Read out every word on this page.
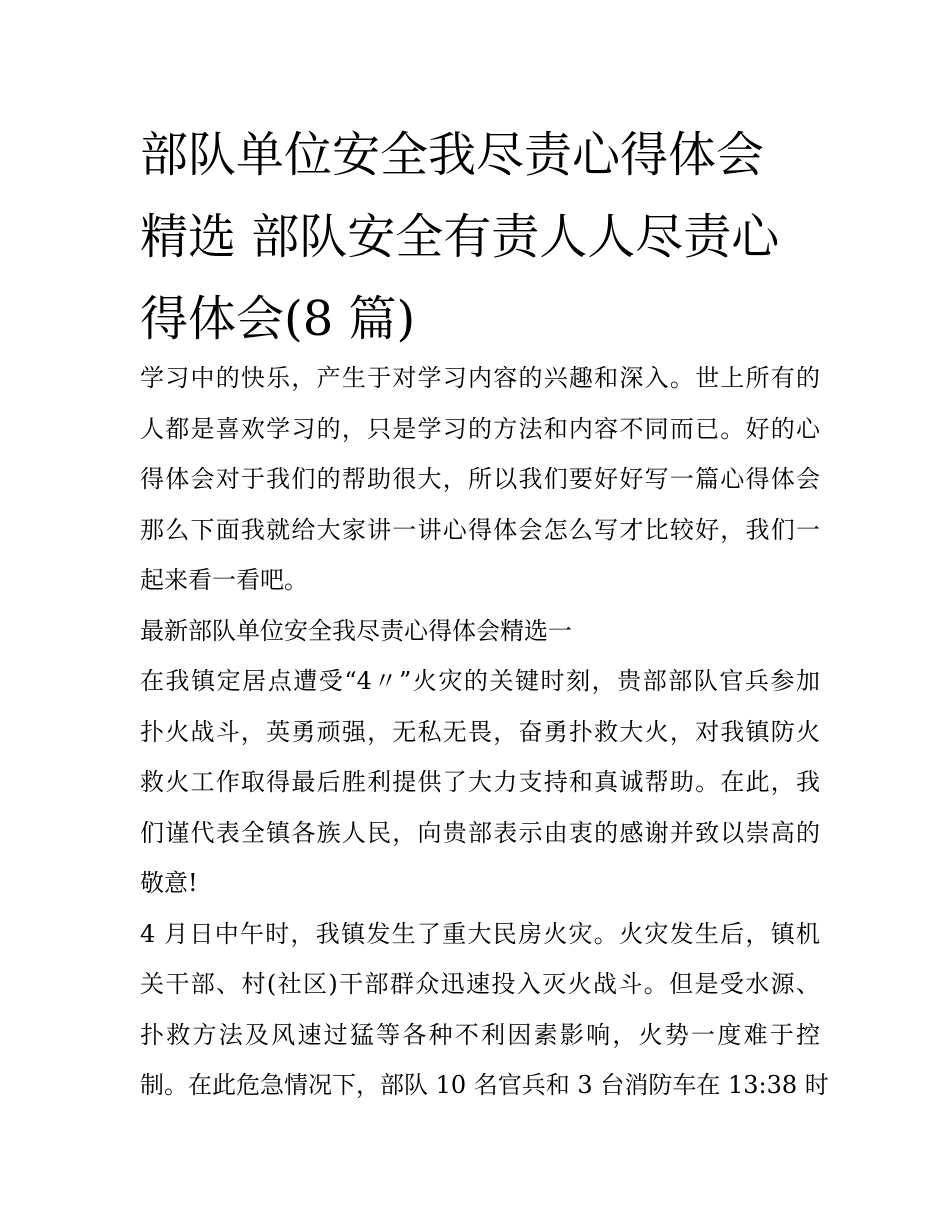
部队单位安全我尽责心得体会
精选 部队安全有责人人尽责心
得体会(8 篇)
学习中的快乐，产生于对学习内容的兴趣和深入。世上所有的
人都是喜欢学习的，只是学习的方法和内容不同而已。好的心
得体会对于我们的帮助很大，所以我们要好好写一篇心得体会
那么下面我就给大家讲一讲心得体会怎么写才比较好，我们一
起来看一看吧。
最新部队单位安全我尽责心得体会精选一
在我镇定居点遭受“4〃”火灾的关键时刻，贵部部队官兵参加
扑火战斗，英勇顽强，无私无畏，奋勇扑救大火，对我镇防火
救火工作取得最后胜利提供了大力支持和真诚帮助。在此，我
们谨代表全镇各族人民，向贵部表示由衷的感谢并致以崇高的
敬意!
4 月日中午时，我镇发生了重大民房火灾。火灾发生后，镇机
关干部、村(社区)干部群众迅速投入灭火战斗。但是受水源、
扑救方法及风速过猛等各种不利因素影响，火势一度难于控
制。在此危急情况下，部队 10 名官兵和 3 台消防车在 13:38 时
